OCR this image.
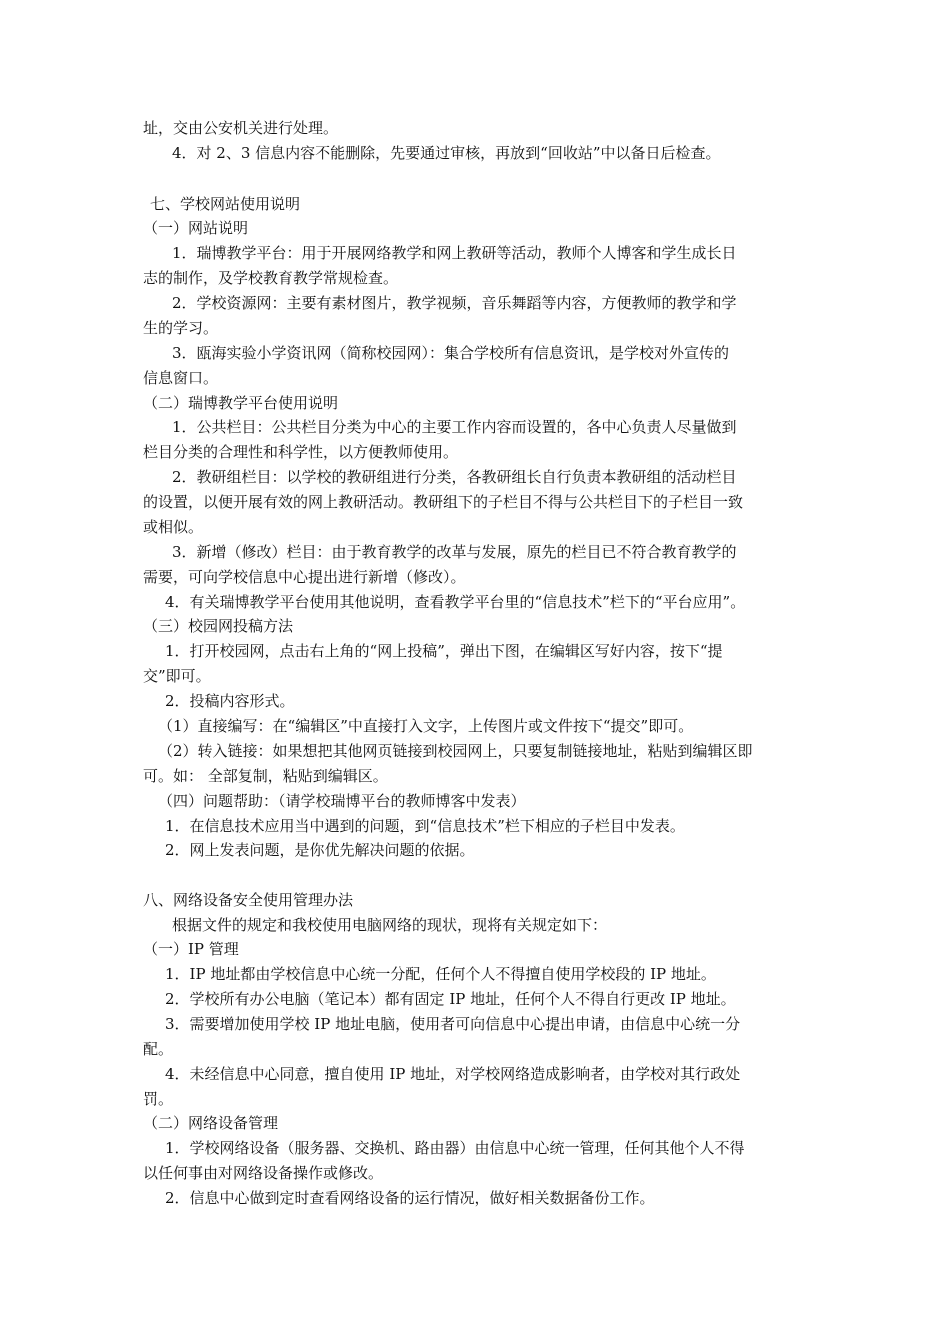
址，交由公安机关进行处理。
4．对 2、3 信息内容不能删除，先要通过审核，再放到“回收站”中以备日后检查。
七、学校网站使用说明
（一）网站说明
1．瑞博教学平台：用于开展网络教学和网上教研等活动，教师个人博客和学生成长日
志的制作，及学校教育教学常规检查。
2．学校资源网：主要有素材图片，教学视频，音乐舞蹈等内容，方便教师的教学和学
生的学习。
3．瓯海实验小学资讯网（简称校园网）：集合学校所有信息资讯，是学校对外宣传的
信息窗口。
（二）瑞博教学平台使用说明
1．公共栏目：公共栏目分类为中心的主要工作内容而设置的，各中心负责人尽量做到
栏目分类的合理性和科学性，以方便教师使用。
2．教研组栏目：以学校的教研组进行分类，各教研组长自行负责本教研组的活动栏目
的设置，以便开展有效的网上教研活动。教研组下的子栏目不得与公共栏目下的子栏目一致
或相似。
3．新增（修改）栏目：由于教育教学的改革与发展，原先的栏目已不符合教育教学的
需要，可向学校信息中心提出进行新增（修改）。
4．有关瑞博教学平台使用其他说明，查看教学平台里的“信息技术”栏下的“平台应用”。
（三）校园网投稿方法
1．打开校园网，点击右上角的“网上投稿”，弹出下图，在编辑区写好内容，按下“提
交”即可。
2．投稿内容形式。
（1）直接编写：在“编辑区”中直接打入文字，上传图片或文件按下“提交”即可。
（2）转入链接：如果想把其他网页链接到校园网上，只要复制链接地址，粘贴到编辑区即
可。如： 全部复制，粘贴到编辑区。
（四）问题帮助：（请学校瑞博平台的教师博客中发表）
1．在信息技术应用当中遇到的问题，到“信息技术”栏下相应的子栏目中发表。
2．网上发表问题，是你优先解决问题的依据。
八、网络设备安全使用管理办法
根据文件的规定和我校使用电脑网络的现状，现将有关规定如下：
（一）IP 管理
1．IP 地址都由学校信息中心统一分配，任何个人不得擅自使用学校段的 IP 地址。
2．学校所有办公电脑（笔记本）都有固定 IP 地址，任何个人不得自行更改 IP 地址。
3．需要增加使用学校 IP 地址电脑，使用者可向信息中心提出申请，由信息中心统一分
配。
4．未经信息中心同意，擅自使用 IP 地址，对学校网络造成影响者，由学校对其行政处
罚。
（二）网络设备管理
1．学校网络设备（服务器、交换机、路由器）由信息中心统一管理，任何其他个人不得
以任何事由对网络设备操作或修改。
2．信息中心做到定时查看网络设备的运行情况，做好相关数据备份工作。
